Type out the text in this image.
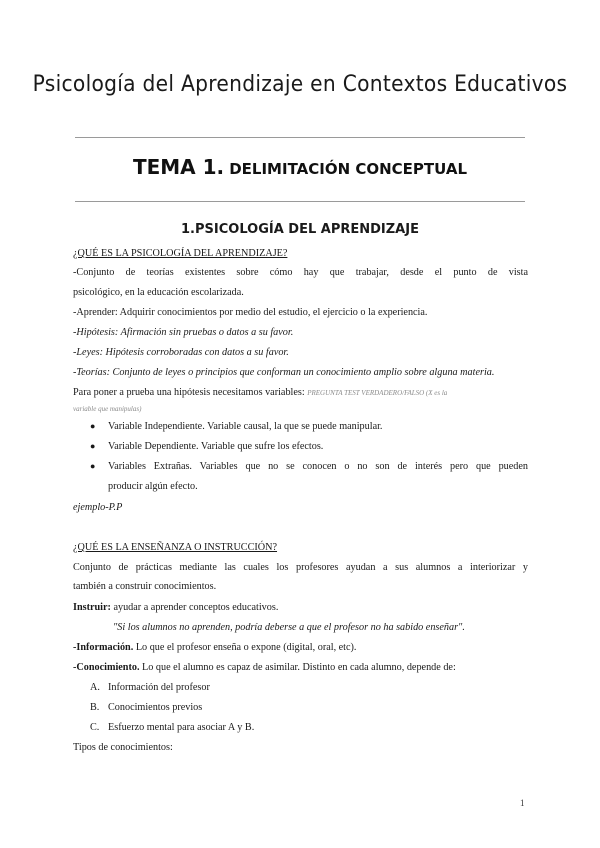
Psicología del Aprendizaje en Contextos Educativos
TEMA 1. DELIMITACIÓN CONCEPTUAL
1.PSICOLOGÍA DEL APRENDIZAJE
¿QUÉ ES LA PSICOLOGÍA DEL APRENDIZAJE?
-Conjunto de teorías existentes sobre cómo hay que trabajar, desde el punto de vista
psicológico, en la educación escolarizada.
-Aprender: Adquirir conocimientos por medio del estudio, el ejercicio o la experiencia.
-Hipótesis: Afirmación sin pruebas o datos a su favor.
-Leyes: Hipótesis corroboradas con datos a su favor.
-Teorías: Conjunto de leyes o principios que conforman un conocimiento amplio sobre alguna materia.
Para poner a prueba una hipótesis necesitamos variables: PREGUNTA TEST VERDADERO/FALSO (X es la
variable que manipulas)
● Variable Independiente. Variable causal, la que se puede manipular.
● Variable Dependiente. Variable que sufre los efectos.
● Variables Extrañas. Variables que no se conocen o no son de interés pero que pueden
producir algún efecto.
ejemplo-P.P
¿QUÉ ES LA ENSEÑANZA O INSTRUCCIÓN?
Conjunto de prácticas mediante las cuales los profesores ayudan a sus alumnos a interiorizar y
también a construir conocimientos.
Instruir: ayudar a aprender conceptos educativos.
"Si los alumnos no aprenden, podría deberse a que el profesor no ha sabido enseñar".
-Información. Lo que el profesor enseña o expone (digital, oral, etc).
-Conocimiento. Lo que el alumno es capaz de asimilar. Distinto en cada alumno, depende de:
A. Información del profesor
B. Conocimientos previos
C. Esfuerzo mental para asociar A y B.
Tipos de conocimientos:
1
